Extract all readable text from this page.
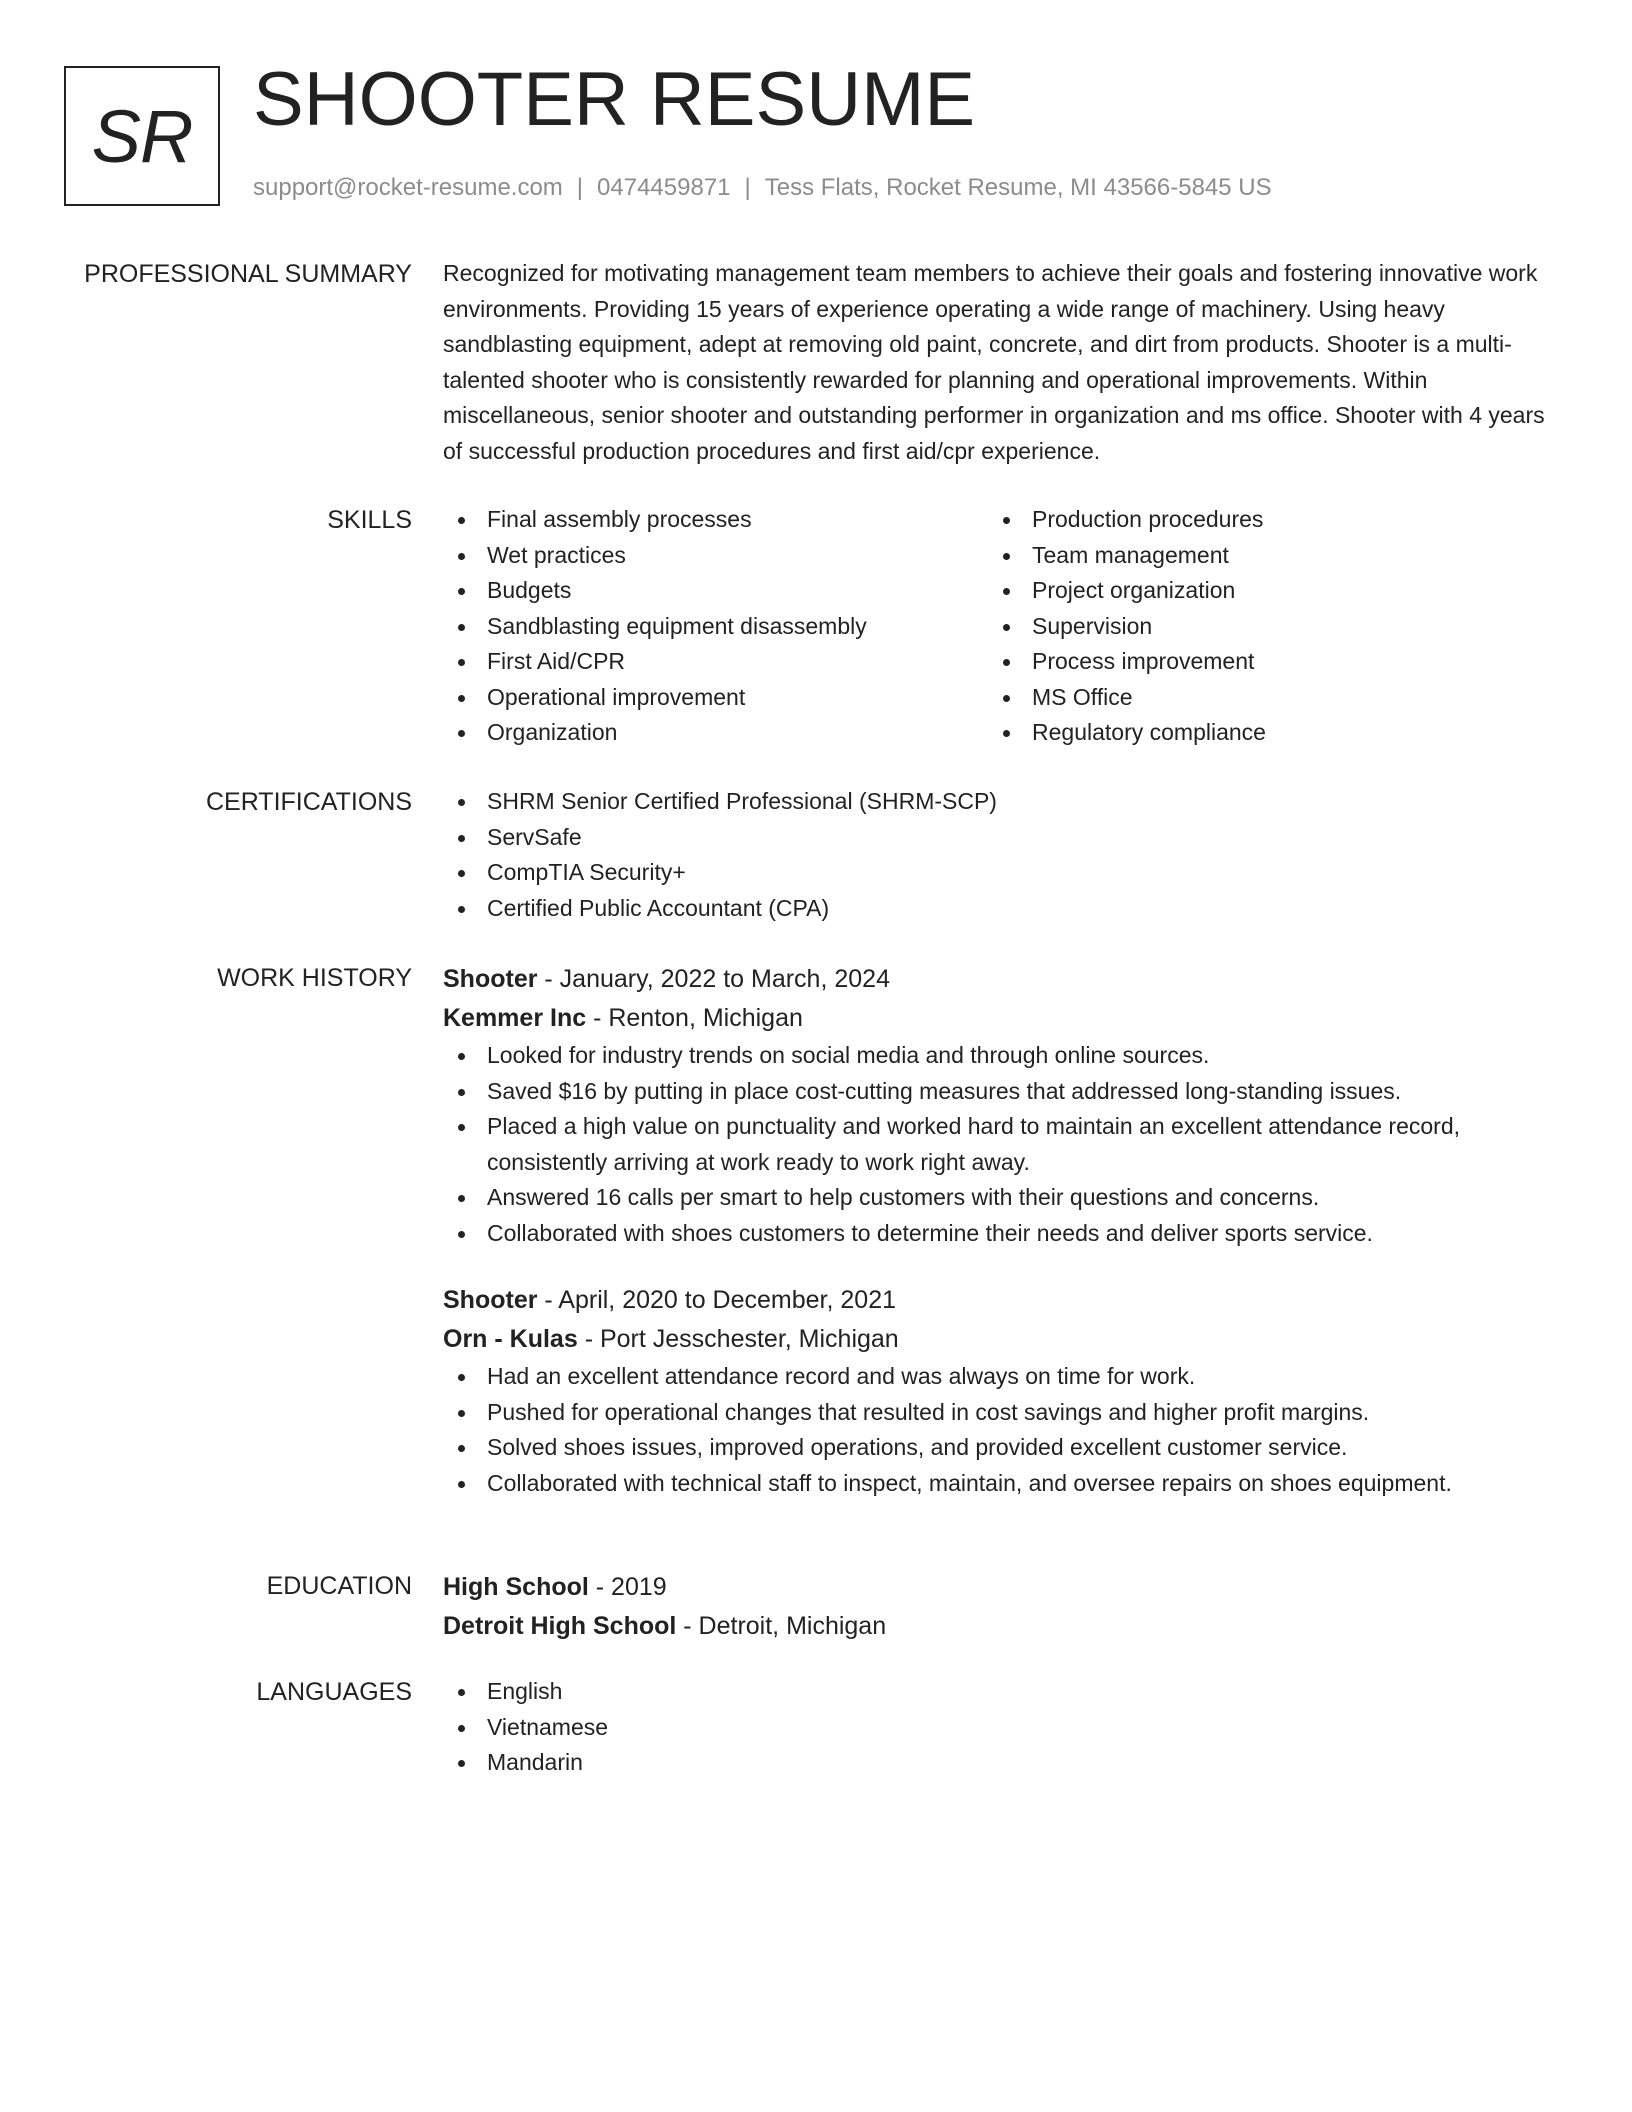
SR SHOOTER RESUME
support@rocket-resume.com | 0474459871 | Tess Flats, Rocket Resume, MI 43566-5845 US
PROFESSIONAL SUMMARY Recognized for motivating management team members to achieve their goals and fostering innovative work environments. Providing 15 years of experience operating a wide range of machinery. Using heavy sandblasting equipment, adept at removing old paint, concrete, and dirt from products. Shooter is a multi-talented shooter who is consistently rewarded for planning and operational improvements. Within miscellaneous, senior shooter and outstanding performer in organization and ms office. Shooter with 4 years of successful production procedures and first aid/cpr experience.
SKILLS	Final assembly processes
Wet practices
Budgets
Sandblasting equipment disassembly
First Aid/CPR
Operational improvement
Organization
Production procedures
Team management
Project organization
Supervision
Process improvement
MS Office
Regulatory compliance
CERTIFICATIONS	SHRM Senior Certified Professional (SHRM-SCP)
ServSafe
CompTIA Security+
Certified Public Accountant (CPA)
WORK HISTORY Shooter - January, 2022 to March, 2024
Kemmer Inc - Renton, Michigan
Looked for industry trends on social media and through online sources.
Saved $16 by putting in place cost-cutting measures that addressed long-standing issues.
Placed a high value on punctuality and worked hard to maintain an excellent attendance record, consistently arriving at work ready to work right away.
Answered 16 calls per smart to help customers with their questions and concerns.
Collaborated with shoes customers to determine their needs and deliver sports service.
Shooter - April, 2020 to December, 2021
Orn - Kulas - Port Jesschester, Michigan
Had an excellent attendance record and was always on time for work.
Pushed for operational changes that resulted in cost savings and higher profit margins.
Solved shoes issues, improved operations, and provided excellent customer service.
Collaborated with technical staff to inspect, maintain, and oversee repairs on shoes equipment.
EDUCATION High School - 2019
Detroit High School - Detroit, Michigan
LANGUAGES	English
Vietnamese
Mandarin
